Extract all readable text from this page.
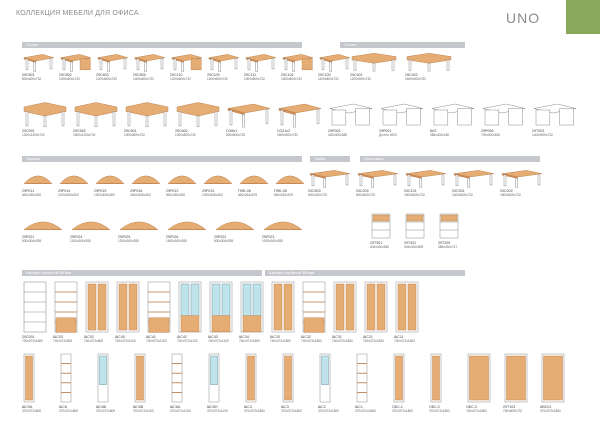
КОЛЛЕКЦИЯ МЕБЕЛИ ДЛЯ ОФИСА	UNO
Столы	Столы
Экраны	Тумба	Приставки
Шкафы глубиной 380мм	Шкафы глубиной 380мм
29С801
800х600х732
29С802
1000х600х732
29С803
1200х600х732
29С805
1400х600х732
29С110
1200х600х732
29С109
1400х600х732
29С111
1300х800х732
29С101
1600х800х732
29С100
1100х800х732
29С401
1200х900х732
29С402
1600х900х732
29С591
1300х1300х732
29С592
1600х1100х732
29С601
1300х800х732
29С602
1300х800х732
СО6н1
800х500х732
СО21х2
1600х500х732
29Р003
400х400х580
29Р001
Д/стол 1600
БК2
386х400х180
29Р006
700х400х630
29Т003
1400х500х732
29Р011
600х450х300
29Р014
1100х450х300
29Р015
1300х450х300
29Р016
1600х450х300
29Р012
800х450х300
29Р013
1000х450х300
ПНБ-06
600х254х675
ПНБ-08
800х254х675
29С603
600х400х732
29С204
800х600х732
29С101
1600х600х732
29С301
1400х600х732
29С202
1800х600х732
29Р021
600х300х355
29Р024
1100х300х355
29Р025
1300х300х355
29Р026
1600х300х355
29Р022
800х300х355
29Р023
1000х300х355	29Т301
404х430х562
29Т401
404х430х695
29Т209
386х430х747
29С001
700х370х1800
ШС03
740х372х800
ШС02
740х372х800
ШС40
740х372х1100
ШС41
740х372х1100
ШС42
740х372х1100
ШС43
740х372х1100
ШС34
740х372х1800
ШС33
740х372х1800
ШС32
740х372х1800
ШС31
740х372х1800
ШС21
740х372х1800
ШС11
740х372х1800
ШС9А
370х372х800
ШС8
370х372х800
ШС8Б
370х372х800
ШС6В
370х372х1100
ШС6А
370х372х1100
ШС6Н
370х372х1100
ШС4
370х372х1800
ШС3
370х372х1800
ШС2
370х372х1800
ШС1
370х372х1800
ОБС-1
370х372х1800
ОБС-2
370х372х1800
ОБС-3
740х372х1800
29Т103
740х600х732
ABC01
370х372х1800
